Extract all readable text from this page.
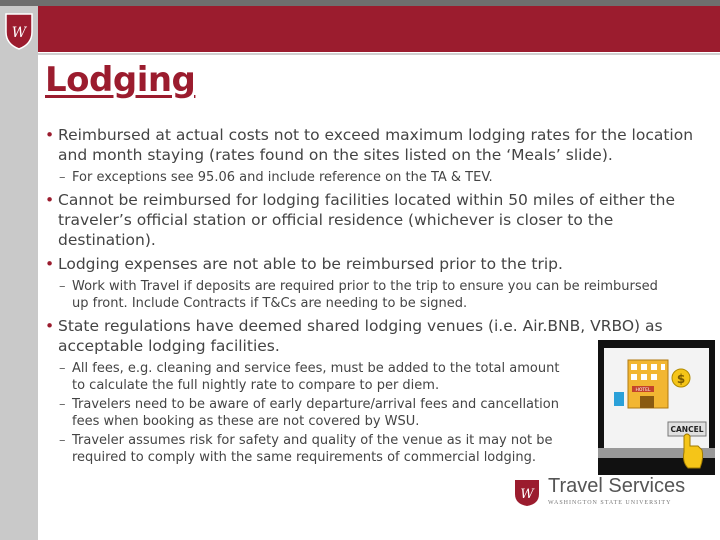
W
Lodging
• Reimbursed at actual costs not to exceed maximum lodging rates for the location and month staying (rates found on the sites listed on the ‘Meals’ slide).
– For exceptions see 95.06 and include reference on the TA & TEV.
• Cannot be reimbursed for lodging facilities located within 50 miles of either the traveler’s official station or official residence (whichever is closer to the destination).
• Lodging expenses are not able to be reimbursed prior to the trip.
– Work with Travel if deposits are required prior to the trip to ensure you can be reimbursed up front. Include Contracts if T&Cs are needing to be signed.
• State regulations have deemed shared lodging venues (i.e. Air.BNB, VRBO) as acceptable lodging facilities.
– All fees, e.g. cleaning and service fees, must be added to the total amount to calculate the full nightly rate to compare to per diem.
– Travelers need to be aware of early departure/arrival fees and cancellation fees when booking as these are not covered by WSU.
– Traveler assumes risk for safety and quality of the venue as it may not be required to comply with the same requirements of commercial lodging.
HOTEL
$
CANCEL
W Travel Services
WASHINGTON STATE UNIVERSITY
